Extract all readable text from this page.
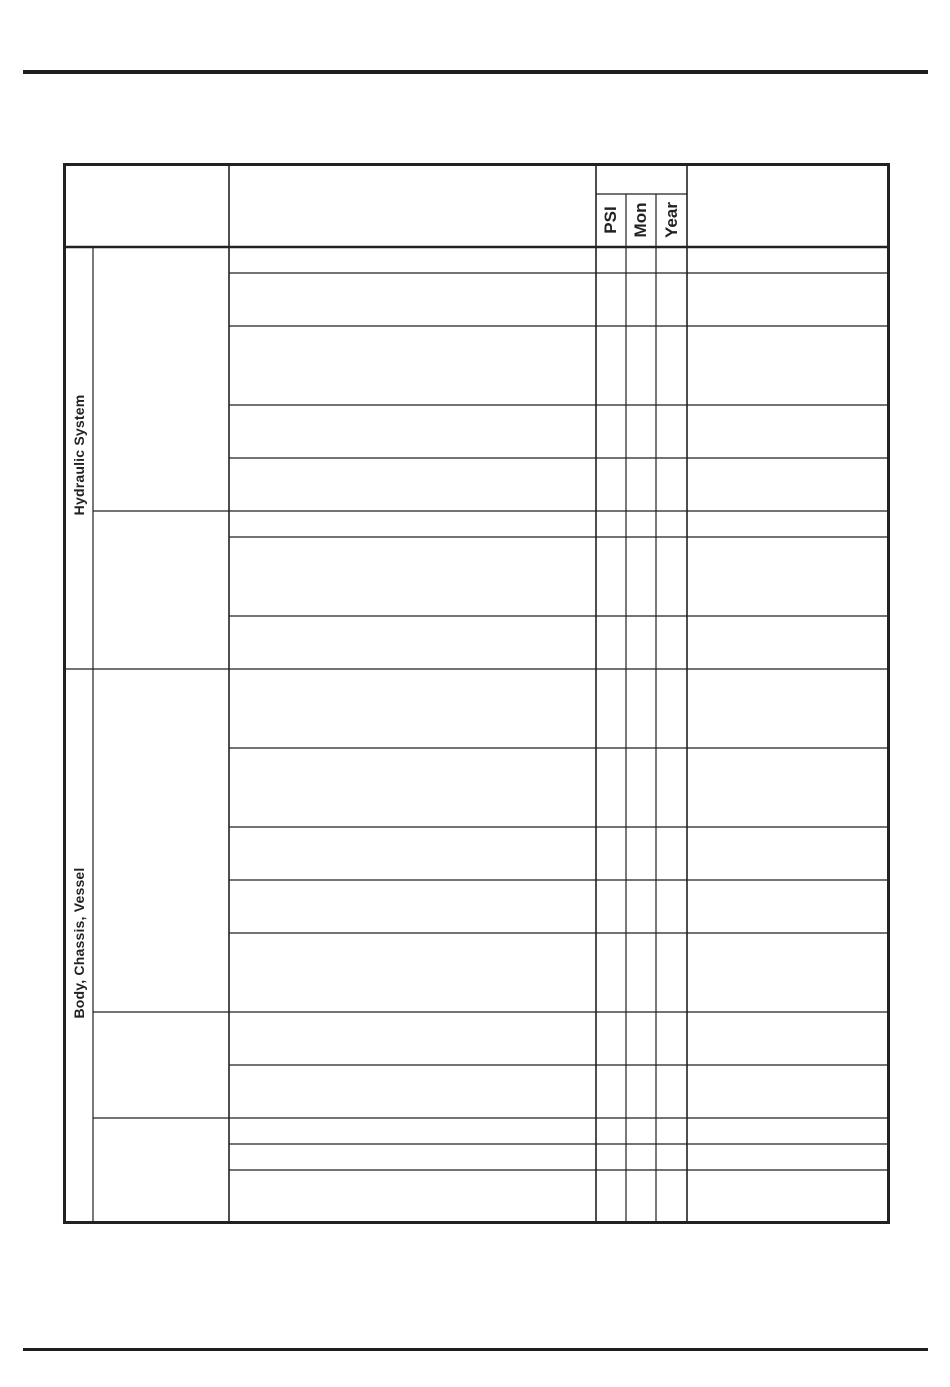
PSI Mon Year
Hydraulic System
Body, Chassis, Vessel
